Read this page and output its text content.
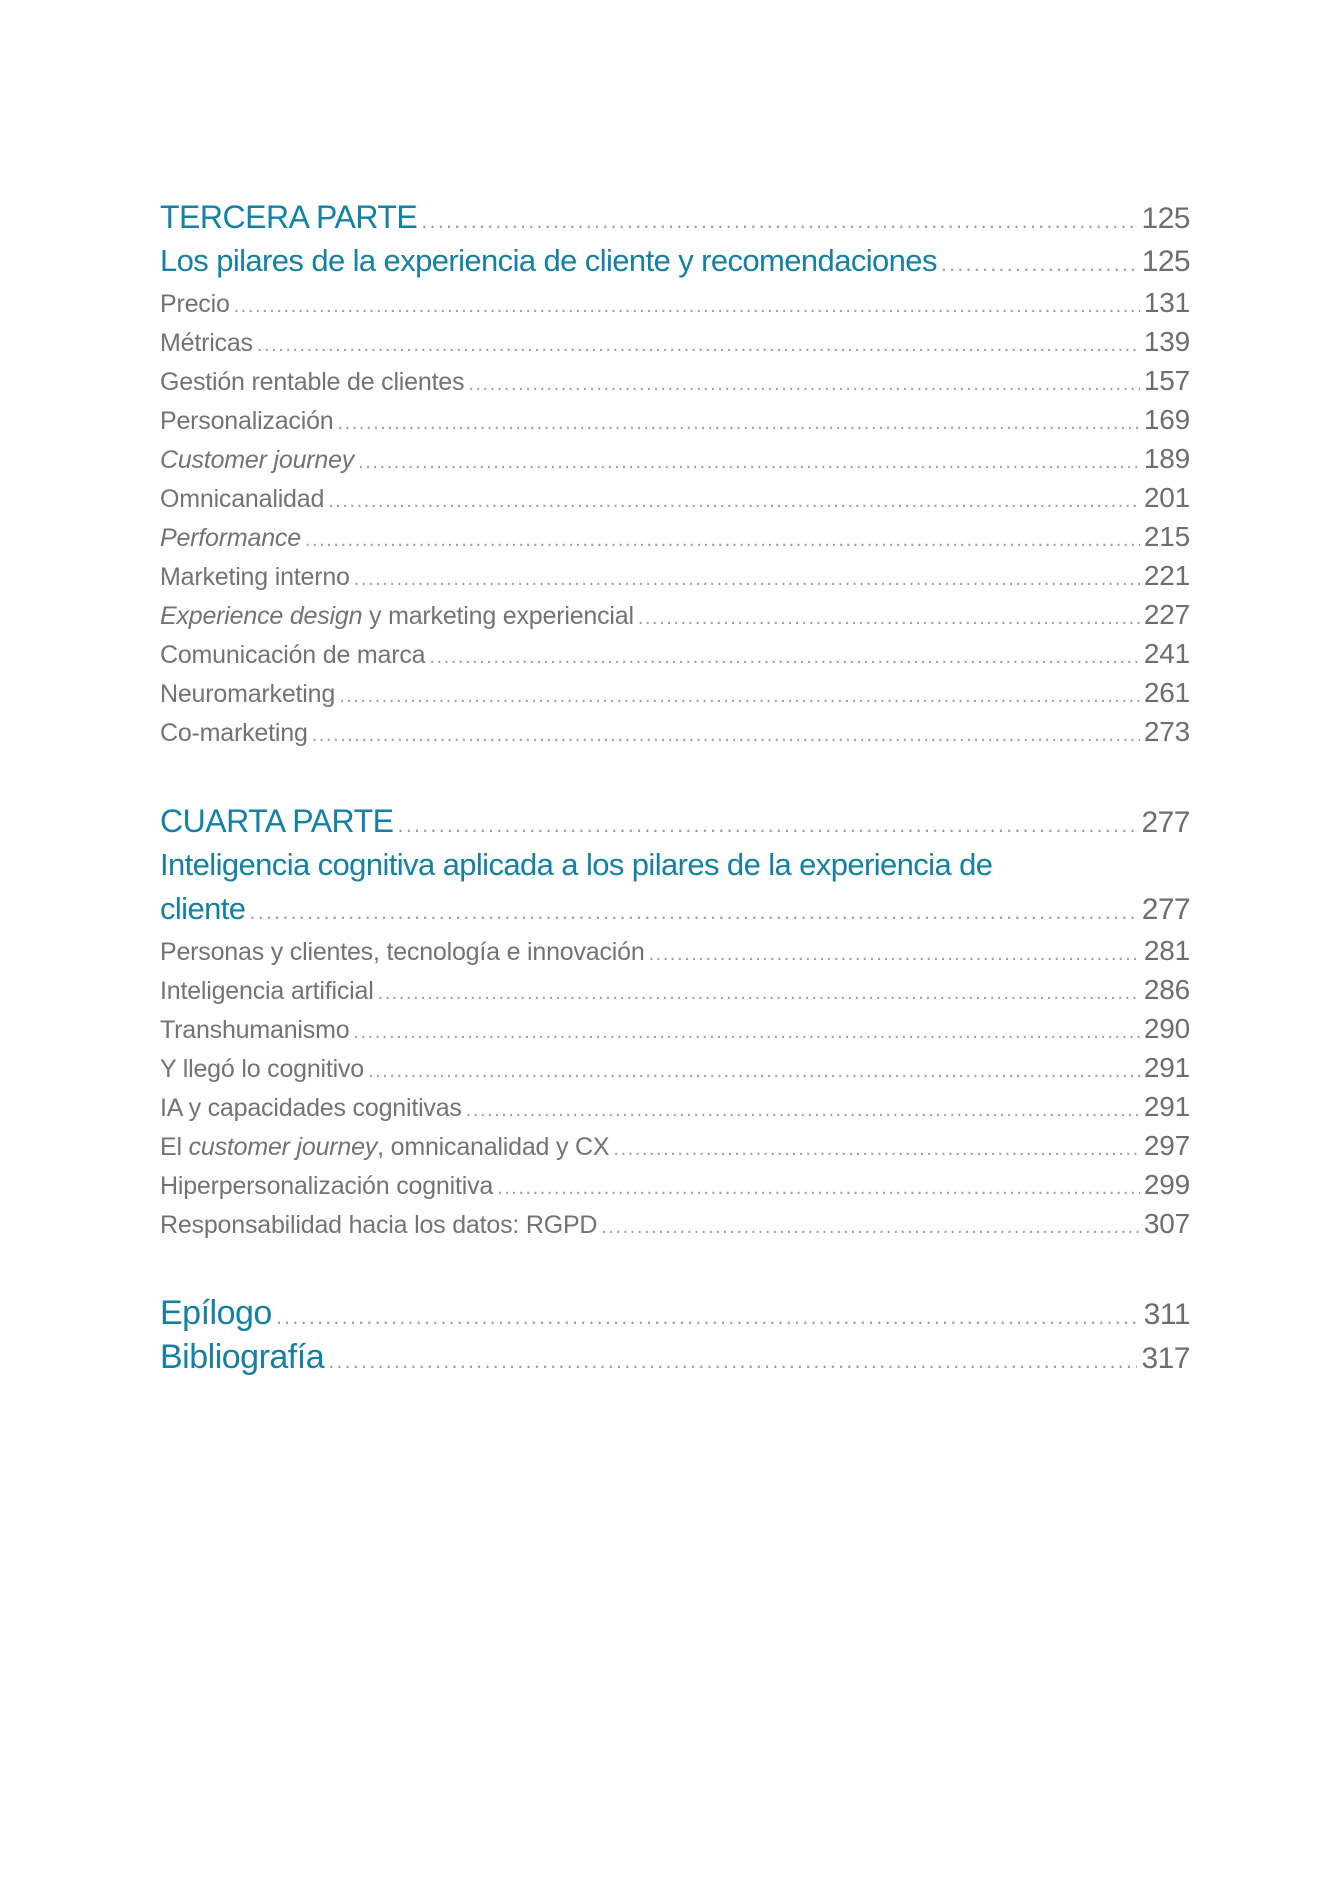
TERCERA PARTE . . .	125
Los pilares de la experiencia de cliente y recomendaciones . . .	125
Precio . . .	131
Métricas . . .	139
Gestión rentable de clientes . . .	157
Personalización . . .	169
Customer journey . . .	189
Omnicanalidad . . .	201
Performance . . .	215
Marketing interno . . .	221
Experience design y marketing experiencial . . .	227
Comunicación de marca . . .	241
Neuromarketing . . .	261
Co-marketing . . .	273
CUARTA PARTE . . .	277
Inteligencia cognitiva aplicada a los pilares de la experiencia de
cliente . . .	277
Personas y clientes, tecnología e innovación . . .	281
Inteligencia artificial . . .	286
Transhumanismo . . .	290
Y llegó lo cognitivo . . .	291
IA y capacidades cognitivas . . .	291
El customer journey, omnicanalidad y CX . . .	297
Hiperpersonalización cognitiva . . .	299
Responsabilidad hacia los datos: RGPD . . .	307
Epílogo . . .	311
Bibliografía . . .	317
